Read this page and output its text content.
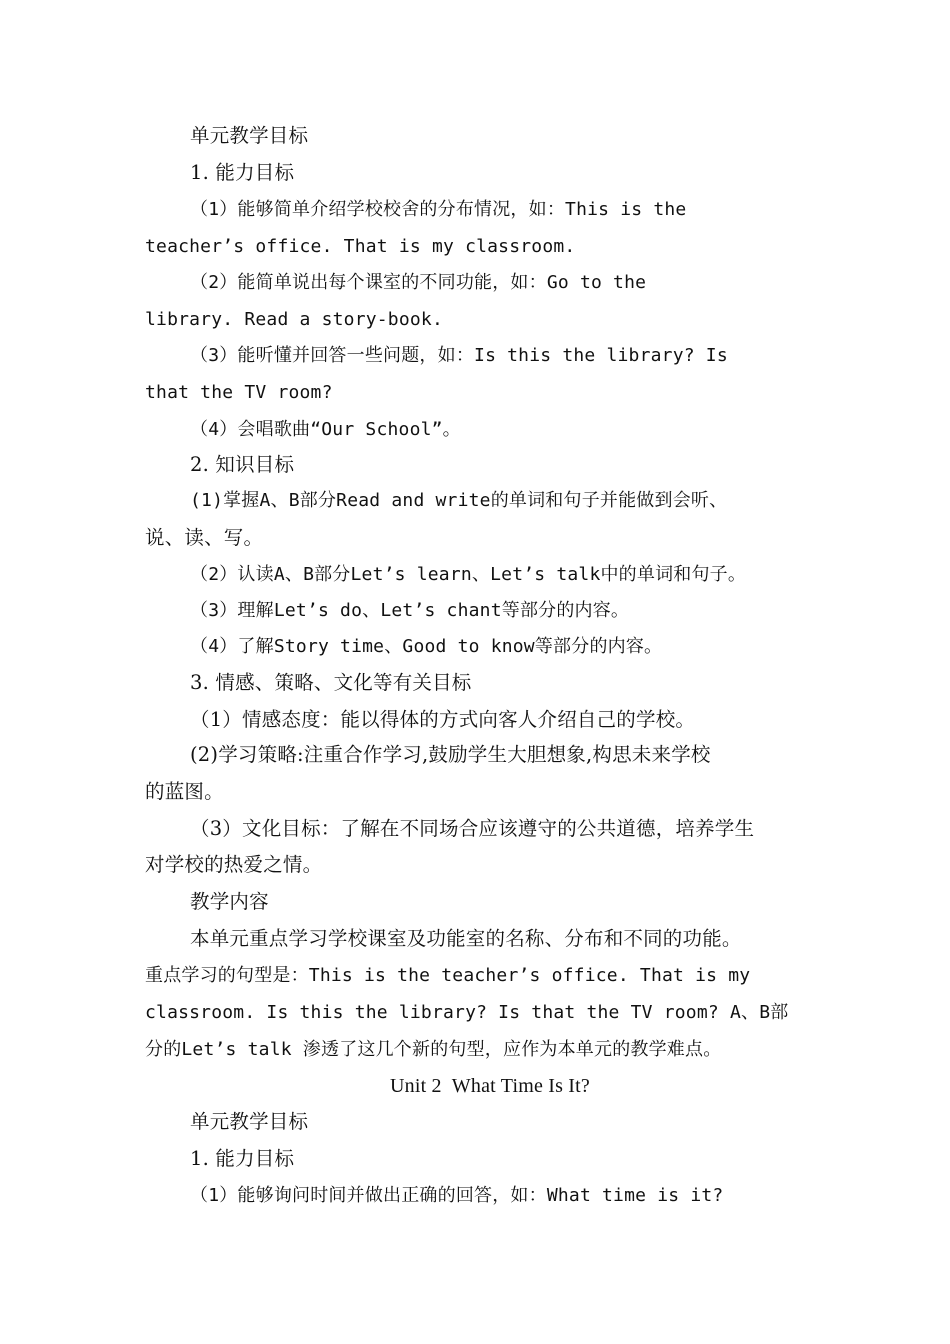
单元教学目标
1. 能力目标
（1）能够简单介绍学校校舍的分布情况，如：This is the
teacher’s office. That is my classroom.
（2）能简单说出每个课室的不同功能，如：Go to the
library. Read a story-book.
（3）能听懂并回答一些问题，如：Is this the library? Is
that the TV room?
（4）会唱歌曲“Our School”。
2. 知识目标
(1)掌握A、B部分Read and write的单词和句子并能做到会听、
说、读、写。
（2）认读A、B部分Let’s learn、Let’s talk中的单词和句子。
（3）理解Let’s do、Let’s chant等部分的内容。
（4）了解Story time、Good to know等部分的内容。
3. 情感、策略、文化等有关目标
（1）情感态度：能以得体的方式向客人介绍自己的学校。
(2)学习策略:注重合作学习,鼓励学生大胆想象,构思未来学校
的蓝图。
（3）文化目标：了解在不同场合应该遵守的公共道德，培养学生
对学校的热爱之情。
教学内容
本单元重点学习学校课室及功能室的名称、分布和不同的功能。
重点学习的句型是：This is the teacher’s office. That is my
classroom. Is this the library? Is that the TV room? A、B部
分的Let’s talk 渗透了这几个新的句型，应作为本单元的教学难点。
Unit 2  What Time Is It?
单元教学目标
1. 能力目标
（1）能够询问时间并做出正确的回答，如：What time is it?
